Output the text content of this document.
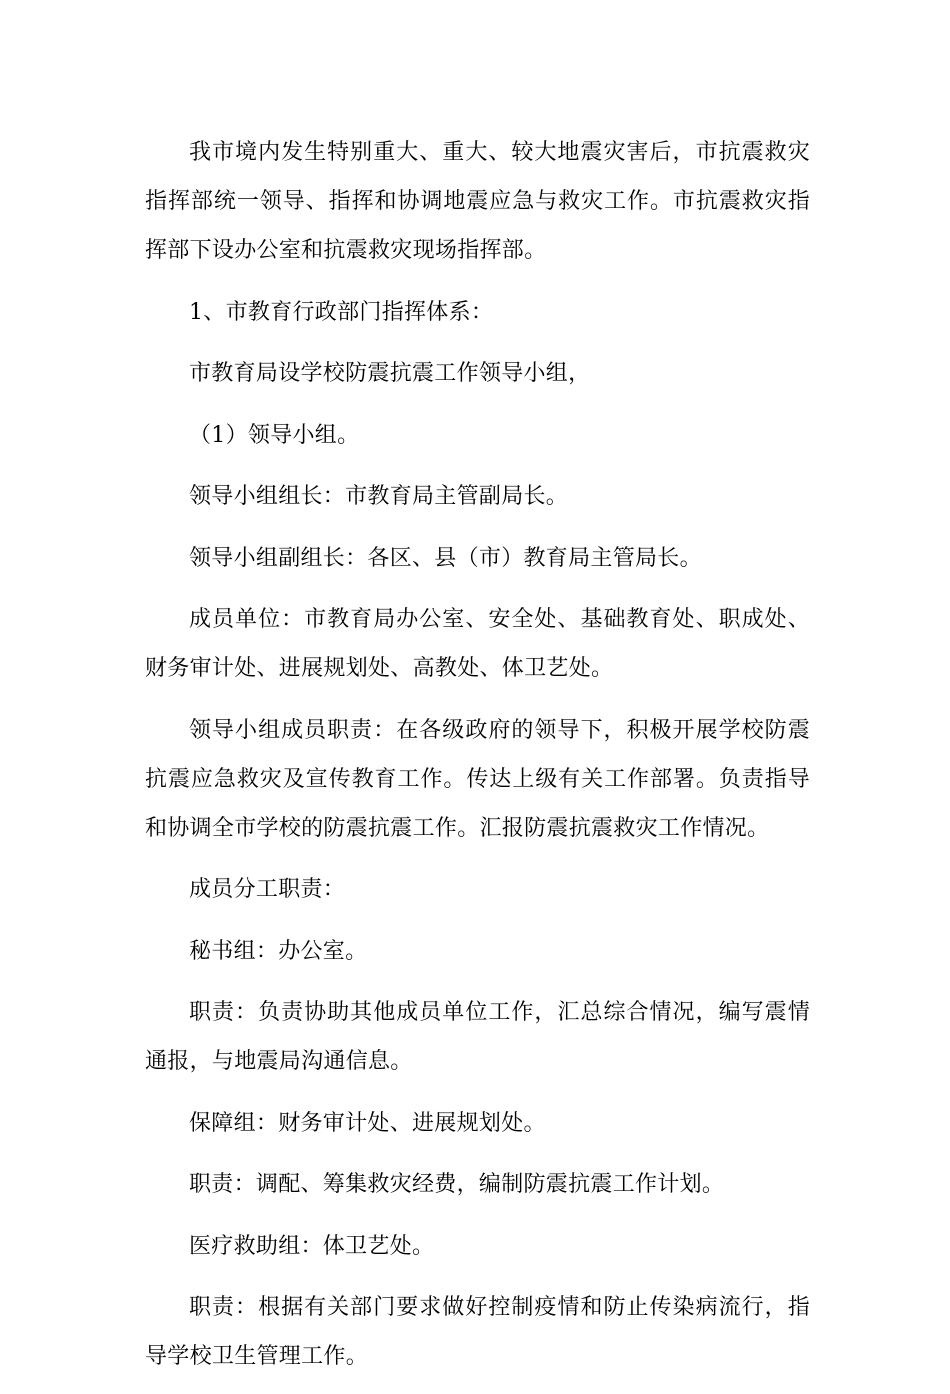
我市境内发生特别重大、重大、较大地震灾害后，市抗震救灾指挥部统一领导、指挥和协调地震应急与救灾工作。市抗震救灾指挥部下设办公室和抗震救灾现场指挥部。

1、市教育行政部门指挥体系：

市教育局设学校防震抗震工作领导小组，

（1）领导小组。

领导小组组长：市教育局主管副局长。

领导小组副组长：各区、县（市）教育局主管局长。

成员单位：市教育局办公室、安全处、基础教育处、职成处、财务审计处、进展规划处、高教处、体卫艺处。

领导小组成员职责：在各级政府的领导下，积极开展学校防震抗震应急救灾及宣传教育工作。传达上级有关工作部署。负责指导和协调全市学校的防震抗震工作。汇报防震抗震救灾工作情况。

成员分工职责：

秘书组：办公室。

职责：负责协助其他成员单位工作，汇总综合情况，编写震情通报，与地震局沟通信息。

保障组：财务审计处、进展规划处。

职责：调配、筹集救灾经费，编制防震抗震工作计划。

医疗救助组：体卫艺处。

职责：根据有关部门要求做好控制疫情和防止传染病流行，指导学校卫生管理工作。
